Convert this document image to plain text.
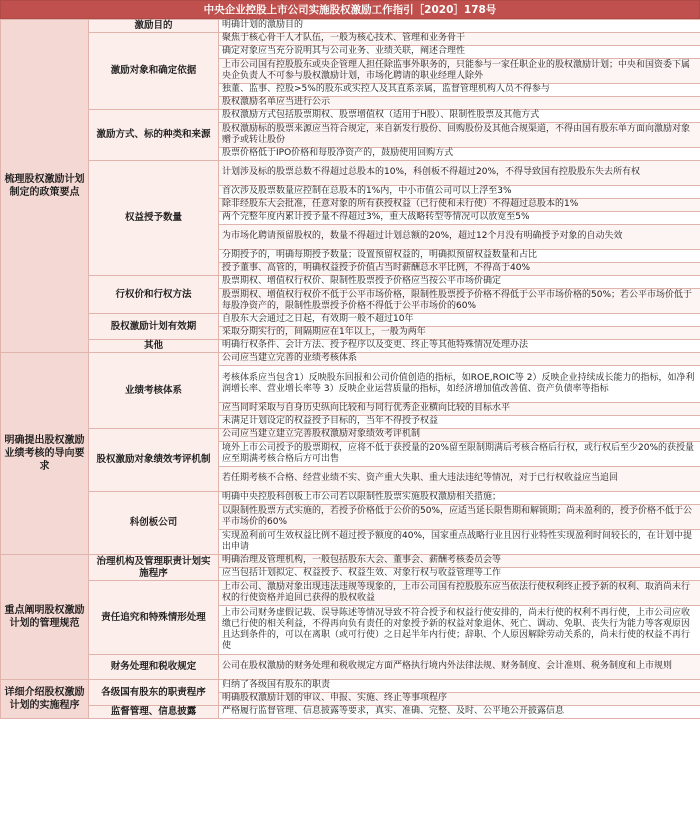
中央企业控股上市公司实施股权激励工作指引［2020］178号
梳理股权激励计划制定的政策要点	激励目的	明确计划的激励目的
	激励对象和确定依据	聚焦于核心骨干人才队伍，一般为核心技术、管理和业务骨干
		确定对象应当充分说明其与公司业务、业绩关联，阐述合理性
		上市公司国有控股股东或央企管理人担任除监事外职务的，只能参与一家任职企业的股权激励计划；中央和国资委下属央企负责人不可参与股权激励计划，市场化聘请的职业经理人除外
		独董、监事、控股>5%的股东或实控人及其直系亲属，监督管理机构人员不得参与
		股权激励名单应当进行公示
	激励方式、标的种类和来源	股权激励方式包括股票期权、股票增值权（适用于H股）、限制性股票及其他方式
		股权激励标的股票来源应当符合规定，来自新发行股份、回购股份及其他合规渠道，不得由国有股东单方面向激励对象赠予或转让股份
		股票价格低于IPO价格和每股净资产的，鼓励使用回购方式
	权益授予数量	计划涉及标的股票总数不得超过总股本的10%，科创板不得超过20%，不得导致国有控股股东失去所有权
		首次涉及股票数量应控制在总股本的1%内，中小市值公司可以上浮至3%
		除非经股东大会批准，任意对象的所有获授权益（已行使和未行使）不得超过总股本的1%
		两个完整年度内累计授予量不得超过3%，重大战略转型等情况可以放宽至5%
		为市场化聘请预留股权的，数量不得超过计划总额的20%，超过12个月没有明确授予对象的自动失效
		分期授予的，明确每期授予数量；设置预留权益的，明确拟预留权益数量和占比
		授予董事、高管的，明确权益授予价值占当时薪酬总水平比例，不得高于40%
	行权价和行权方法	股票期权、增值权行权价、限制性股票授予价格应当按公平市场价确定
		股票期权、增值权行权价不低于公平市场价格，限制性股票授予价格不得低于公平市场价格的50%；若公平市场价低于每股净资产的，限制性股票授予价格不得低于公平市场价的60%
	股权激励计划有效期	自股东大会通过之日起，有效期一般不超过10年
		采取分期实行的，间隔期应在1年以上，一般为两年
	其他	明确行权条件、会计方法、授予程序以及变更、终止等其他特殊情况处理办法
明确提出股权激励业绩考核的导向要求	业绩考核体系	公司应当建立完善的业绩考核体系
		考核体系应当包含1）反映股东回报和公司价值创造的指标，如ROE,ROIC等 2）反映企业持续成长能力的指标，如净利润增长率、营业增长率等 3）反映企业运营质量的指标，如经济增加值改善值、资产负债率等指标
		应当同时采取与自身历史纵向比较和与同行优秀企业横向比较的目标水平
		未满足计划设定的权益授予目标的，当年不得授予权益
	股权激励对象绩效考评机制	公司应当建立建立完善股权激励对象绩效考评机制
		境外上市公司授予的股票期权，应将不低于获授量的20%留至限制期满后考核合格后行权，或行权后至少20%的获授量应至期满考核合格后方可出售
		若任期考核不合格、经营业绩不实、资产重大失职、重大违法违纪等情况，对于已行权收益应当追回
	科创板公司	明确中央控股科创板上市公司若以限制性股票实施股权激励相关措施；
		以限制性股票方式实施的，若授予价格低于公价的50%，应适当延长限售期和解锁期；尚未盈利的，授予价格不低于公平市场价的60%
		实现盈利前可生效权益比例不超过授予额度的40%，国家重点战略行业且因行业特性实现盈利时间较长的，在计划中提出申请
重点阐明股权激励计划的管理规范	治理机构及管理职责计划实施程序	明确治理及管理机构，一般包括股东大会、董事会、薪酬考核委员会等
		应当包括计划拟定、权益授予、权益生效、对象行权与收益管理等工作
	责任追究和特殊情形处理	上市公司、激励对象出现违法违规等现象的，上市公司国有控股股东应当依法行使权利终止授予新的权利、取消尚未行权的行使资格并追回已获得的股权收益
		上市公司财务虚假记载、误导陈述等情况导致不符合授予和权益行使安排的，尚未行使的权利不再行使，上市公司应收缴已行使的相关利益，不得再向负有责任的对象授予新的权益对象退休、死亡、调动、免职、丧失行为能力等客观原因且达到条件的，可以在离职（或可行使）之日起半年内行使；辞职、个人原因解除劳动关系的，尚未行使的权益不再行使
	财务处理和税收规定	公司在股权激励的财务处理和税收规定方面严格执行境内外法律法规、财务制度、会计准则、税务制度和上市规则
详细介绍股权激励计划的实施程序	各级国有股东的职责程序	归纳了各级国有股东的职责
		明确股权激励计划的审议、申报、实施、终止等事项程序
	监督管理、信息披露	严格履行监督管理、信息披露等要求，真实、准确、完整、及时、公平地公开披露信息
